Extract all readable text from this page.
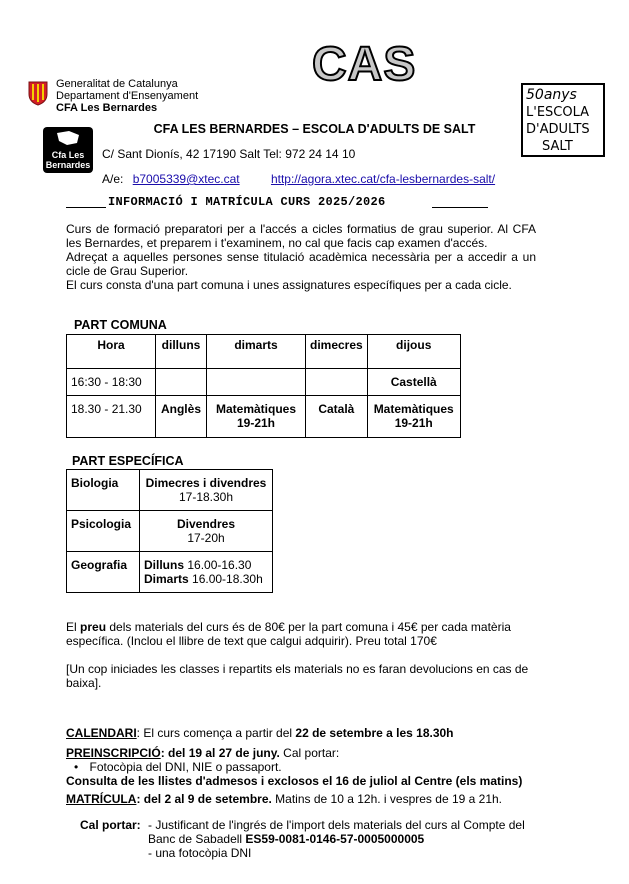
Generalitat de Catalunya
Departament d'Ensenyament
CFA Les Bernardes
CAS
50anys
L'ESCOLA
D'ADULTS
SALT
CFA LES BERNARDES – ESCOLA D'ADULTS DE SALT
Cfa Les
Bernardes
C/ Sant Dionís, 42 17190 Salt Tel: 972 24 14 10
A/e: b7005339@xtec.cat	http://agora.xtec.cat/cfa-lesbernardes-salt/
INFORMACIÓ I MATRÍCULA CURS 2025/2026

Curs de formació preparatori per a l'accés a cicles formatius de grau superior. Al CFA les Bernardes, et preparem i t'examinem, no cal que facis cap examen d'accés.

Adreçat a aquelles persones sense titulació acadèmica necessària per a accedir a un cicle de Grau Superior.

El curs consta d'una part comuna i unes assignatures específiques per a cada cicle.

PART COMUNA
Hora	dilluns	dimarts	dimecres	dijous

16:30 - 18:30				Castellà

18.30 - 21.30	Anglès	Matemàtiques
19-21h	Català	Matemàtiques
19-21h
PART ESPECÍFICA
Biologia	Dimecres i divendres
17-18.30h

Psicologia	Divendres
17-20h

Geografia	Dilluns 16.00-16.30
Dimarts 16.00-18.30h

El preu dels materials del curs és de 80€ per la part comuna i 45€ per cada matèria específica. (Inclou el llibre de text que calgui adquirir). Preu total 170€

[Un cop iniciades les classes i repartits els materials no es faran devolucions en cas de baixa].

CALENDARI: El curs comença a partir del 22 de setembre a les 18.30h
PREINSCRIPCIÓ: del 19 al 27 de juny. Cal portar:
• Fotocòpia del DNI, NIE o passaport.
Consulta de les llistes d'admesos i exclosos el 16 de juliol al Centre (els matins)
MATRÍCULA: del 2 al 9 de setembre. Matins de 10 a 12h. i vespres de 19 a 21h.
Cal portar: - Justificant de l'ingrés de l'import dels materials del curs al Compte del
Banc de Sabadell ES59-0081-0146-57-0005000005
- una fotocòpia DNI
